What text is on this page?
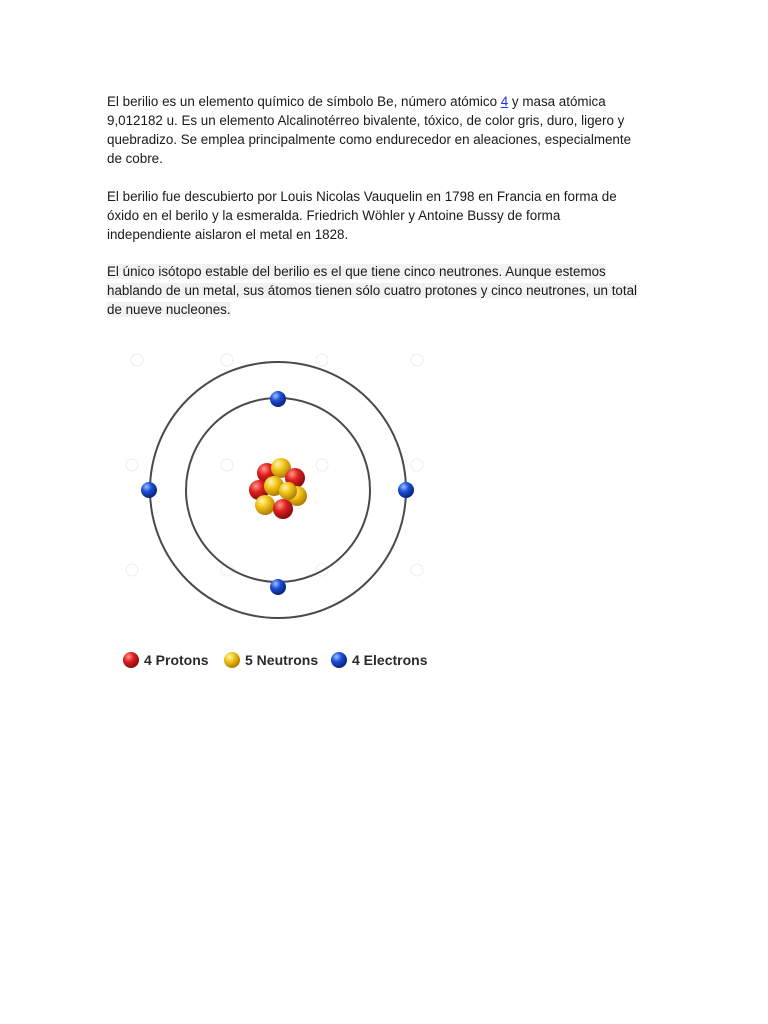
El berilio es un elemento químico de símbolo Be, número atómico 4 y masa atómica
9,012182 u. Es un elemento Alcalinotérreo bivalente, tóxico, de color gris, duro, ligero y
quebradizo. Se emplea principalmente como endurecedor en aleaciones, especialmente
de cobre.
El berilio fue descubierto por Louis Nicolas Vauquelin en 1798 en Francia en forma de
óxido en el berilo y la esmeralda. Friedrich Wöhler y Antoine Bussy de forma
independiente aislaron el metal en 1828.
El único isótopo estable del berilio es el que tiene cinco neutrones. Aunque estemos
hablando de un metal, sus átomos tienen sólo cuatro protones y cinco neutrones, un total
de nueve nucleones.
4 Protons	5 Neutrons 4 Electrons
